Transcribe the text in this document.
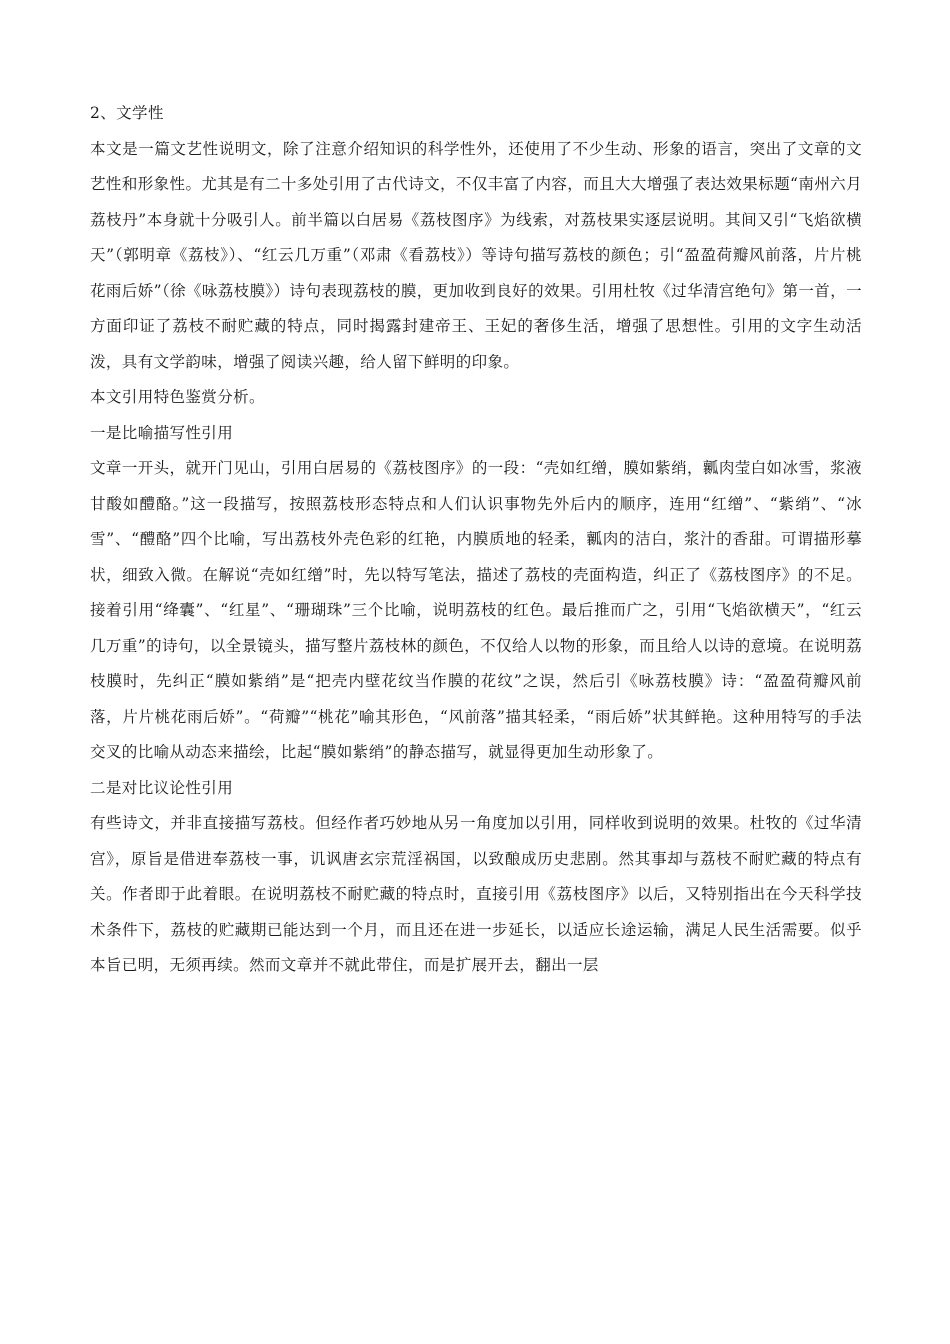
2、文学性

本文是一篇文艺性说明文，除了注意介绍知识的科学性外，还使用了不少生动、形象的语言，突出了文章的文艺性和形象性。尤其是有二十多处引用了古代诗文，不仅丰富了内容，而且大大增强了表达效果标题“南州六月荔枝丹”本身就十分吸引人。前半篇以白居易《荔枝图序》为线索，对荔枝果实逐层说明。其间又引“飞焰欲横天”（郭明章《荔枝》）、“红云几万重”（邓肃《看荔枝》）等诗句描写荔枝的颜色；引“盈盈荷瓣风前落，片片桃花雨后娇”（徐《咏荔枝膜》）诗句表现荔枝的膜，更加收到良好的效果。引用杜牧《过华清宫绝句》第一首，一方面印证了荔枝不耐贮藏的特点，同时揭露封建帝王、王妃的奢侈生活，增强了思想性。引用的文字生动活泼，具有文学韵味，增强了阅读兴趣，给人留下鲜明的印象。

本文引用特色鉴赏分析。

一是比喻描写性引用

文章一开头，就开门见山，引用白居易的《荔枝图序》的一段：“壳如红缯，膜如紫绡，瓤肉莹白如冰雪，浆液甘酸如醴酪。”这一段描写，按照荔枝形态特点和人们认识事物先外后内的顺序，连用“红缯”、“紫绡”、“冰雪”、“醴酪”四个比喻，写出荔枝外壳色彩的红艳，内膜质地的轻柔，瓤肉的洁白，浆汁的香甜。可谓描形摹状，细致入微。在解说“壳如红缯”时，先以特写笔法，描述了荔枝的壳面构造，纠正了《荔枝图序》的不足。接着引用“绛囊”、“红星”、“珊瑚珠”三个比喻，说明荔枝的红色。最后推而广之，引用“飞焰欲横天”，“红云几万重”的诗句，以全景镜头，描写整片荔枝林的颜色，不仅给人以物的形象，而且给人以诗的意境。在说明荔枝膜时，先纠正“膜如紫绡”是“把壳内壁花纹当作膜的花纹”之误，然后引《咏荔枝膜》诗：“盈盈荷瓣风前落，片片桃花雨后娇”。“荷瓣”“桃花”喻其形色，“风前落”描其轻柔，“雨后娇”状其鲜艳。这种用特写的手法交叉的比喻从动态来描绘，比起“膜如紫绡”的静态描写，就显得更加生动形象了。

二是对比议论性引用

有些诗文，并非直接描写荔枝。但经作者巧妙地从另一角度加以引用，同样收到说明的效果。杜牧的《过华清宫》，原旨是借进奉荔枝一事，讥讽唐玄宗荒淫祸国，以致酿成历史悲剧。然其事却与荔枝不耐贮藏的特点有关。作者即于此着眼。在说明荔枝不耐贮藏的特点时，直接引用《荔枝图序》以后，又特别指出在今天科学技术条件下，荔枝的贮藏期已能达到一个月，而且还在进一步延长，以适应长途运输，满足人民生活需要。似乎本旨已明，无须再续。然而文章并不就此带住，而是扩展开去，翻出一层
